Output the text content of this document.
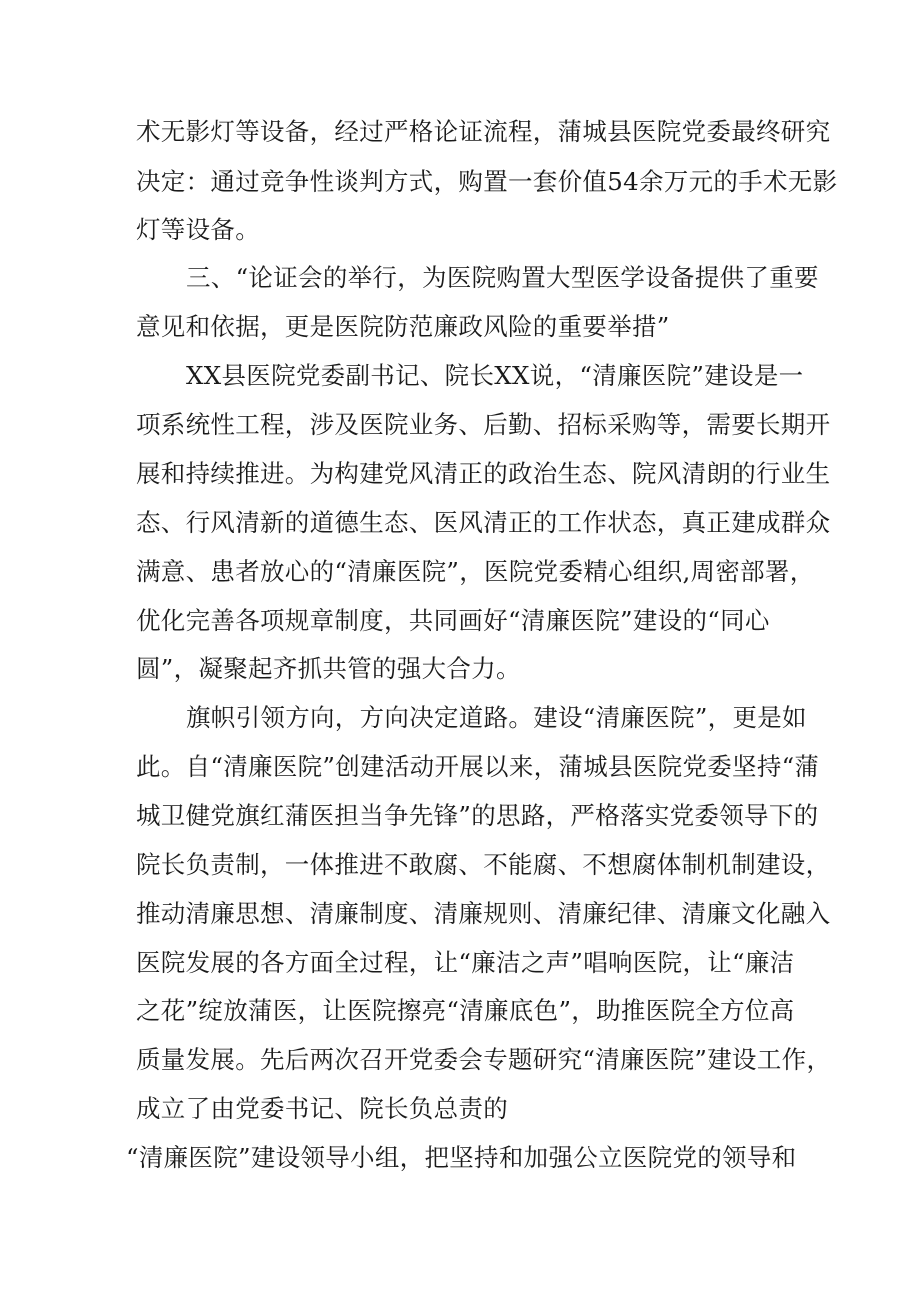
术无影灯等设备，经过严格论证流程，蒲城县医院党委最终研究
决定：通过竞争性谈判方式，购置一套价值54余万元的手术无影
灯等设备。
三、“论证会的举行，为医院购置大型医学设备提供了重要
意见和依据，更是医院防范廉政风险的重要举措”
XX县医院党委副书记、院长XX说，“清廉医院”建设是一
项系统性工程，涉及医院业务、后勤、招标采购等，需要长期开
展和持续推进。为构建党风清正的政治生态、院风清朗的行业生
态、行风清新的道德生态、医风清正的工作状态，真正建成群众
满意、患者放心的“清廉医院”，医院党委精心组织,周密部署，
优化完善各项规章制度，共同画好“清廉医院”建设的“同心
圆”，凝聚起齐抓共管的强大合力。
旗帜引领方向，方向决定道路。建设“清廉医院”，更是如
此。自“清廉医院”创建活动开展以来，蒲城县医院党委坚持“蒲
城卫健党旗红蒲医担当争先锋”的思路，严格落实党委领导下的
院长负责制，一体推进不敢腐、不能腐、不想腐体制机制建设，
推动清廉思想、清廉制度、清廉规则、清廉纪律、清廉文化融入
医院发展的各方面全过程，让“廉洁之声”唱响医院，让“廉洁
之花”绽放蒲医，让医院擦亮“清廉底色”，助推医院全方位高
质量发展。先后两次召开党委会专题研究“清廉医院”建设工作，
成立了由党委书记、院长负总责的
“清廉医院”建设领导小组，把坚持和加强公立医院党的领导和
